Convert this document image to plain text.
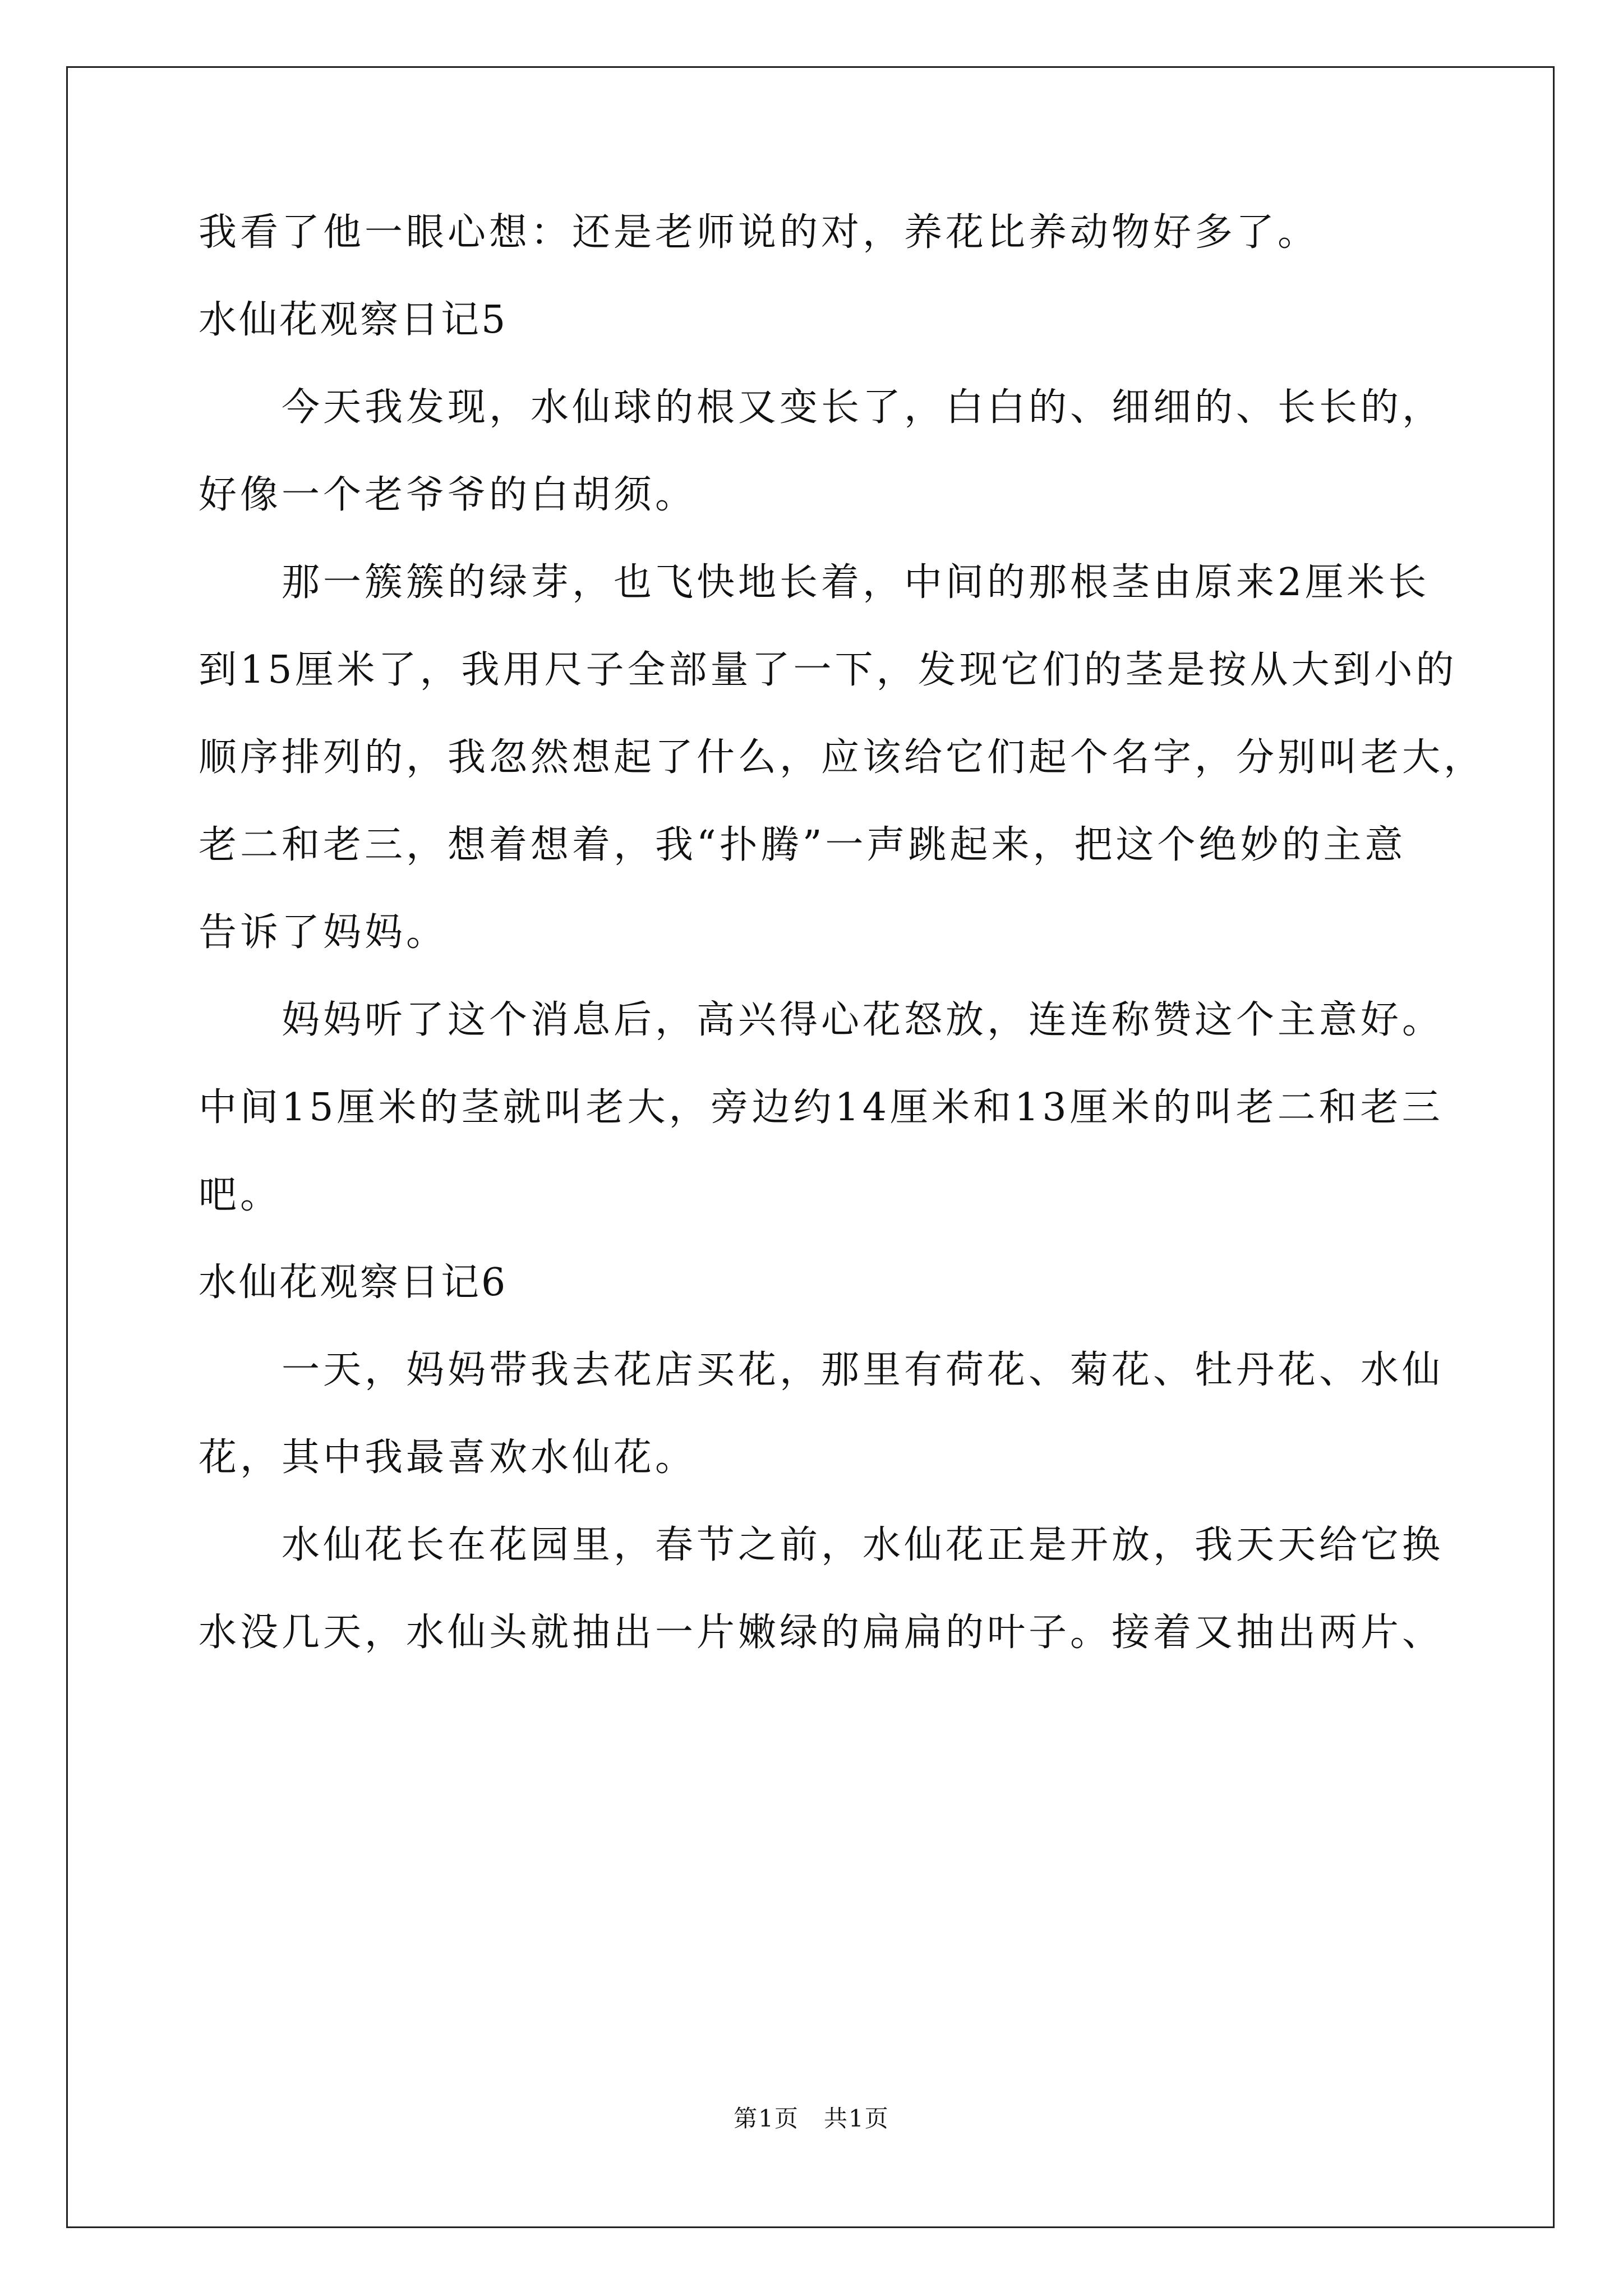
我看了他一眼心想：还是老师说的对，养花比养动物好多了。
水仙花观察日记5
今天我发现，水仙球的根又变长了，白白的、细细的、长长的，
好像一个老爷爷的白胡须。
那一簇簇的绿芽，也飞快地长着，中间的那根茎由原来2厘米长
到15厘米了，我用尺子全部量了一下，发现它们的茎是按从大到小的
顺序排列的，我忽然想起了什么，应该给它们起个名字，分别叫老大，
老二和老三，想着想着，我“扑腾”一声跳起来，把这个绝妙的主意
告诉了妈妈。
妈妈听了这个消息后，高兴得心花怒放，连连称赞这个主意好。
中间15厘米的茎就叫老大，旁边约14厘米和13厘米的叫老二和老三
吧。
水仙花观察日记6
一天，妈妈带我去花店买花，那里有荷花、菊花、牡丹花、水仙
花，其中我最喜欢水仙花。
水仙花长在花园里，春节之前，水仙花正是开放，我天天给它换
水没几天，水仙头就抽出一片嫩绿的扁扁的叶子。接着又抽出两片、
第1页　共1页
